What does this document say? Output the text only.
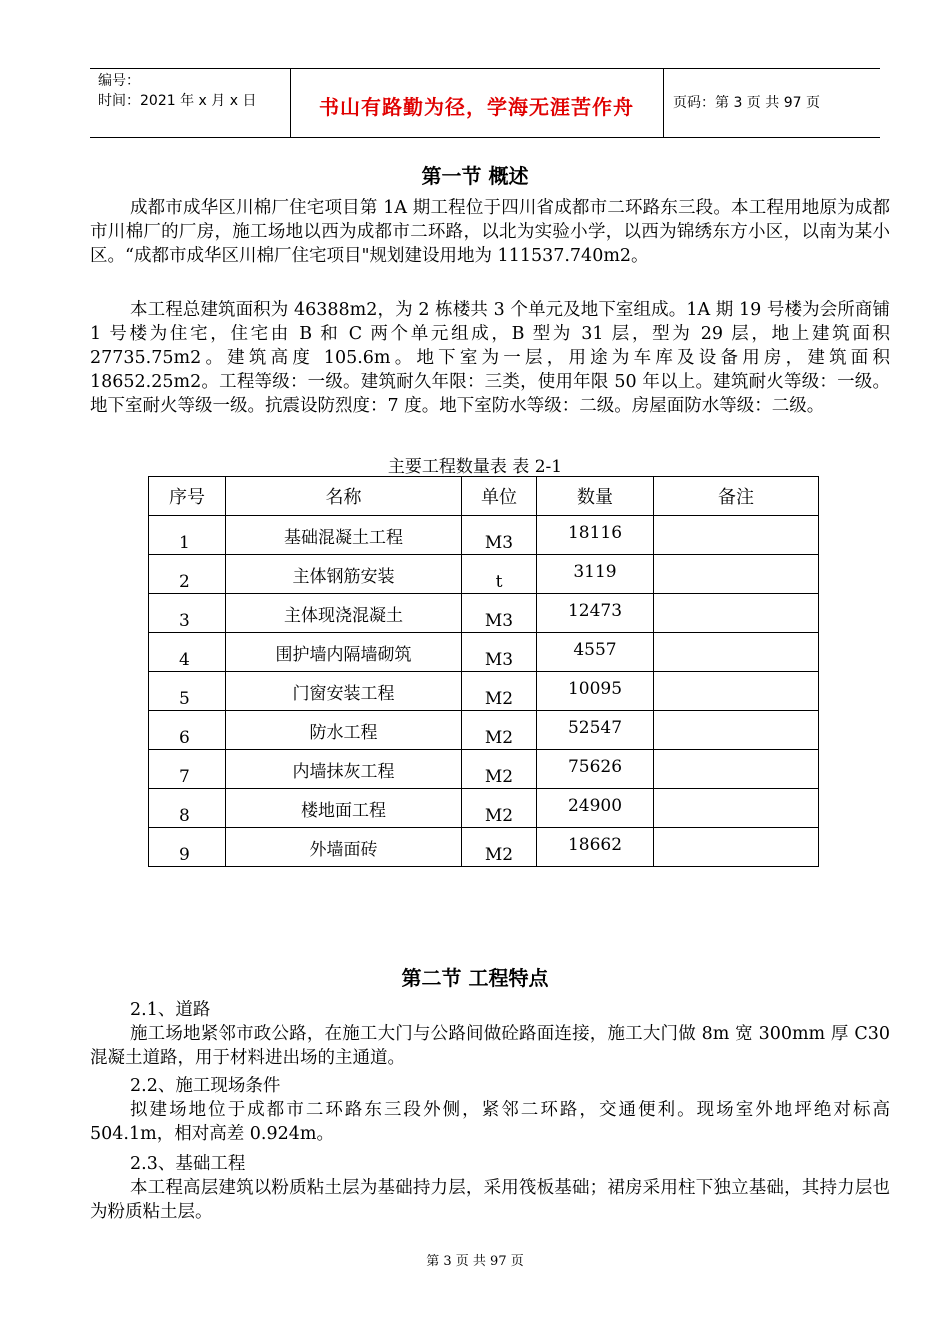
编号：
时间：2021 年 x 月 x 日	书山有路勤为径，学海无涯苦作舟	页码：第 3 页 共 97 页
第一节 概述

成都市成华区川棉厂住宅项目第 1A 期工程位于四川省成都市二环路东三段。本工程用地原为成都市川棉厂的厂房，施工场地以西为成都市二环路，以北为实验小学，以西为锦绣东方小区，以南为某小区。“成都市成华区川棉厂住宅项目"规划建设用地为 111537.740m2。

本工程总建筑面积为 46388m2，为 2 栋楼共 3 个单元及地下室组成。1A 期 19 号楼为会所商铺 1 号楼为住宅，住宅由 B 和 C 两个单元组成，B 型为 31 层，型为 29 层，地上建筑面积 27735.75m2。建筑高度 105.6m。地下室为一层，用途为车库及设备用房，建筑面积 18652.25m2。工程等级：一级。建筑耐久年限：三类，使用年限 50 年以上。建筑耐火等级：一级。地下室耐火等级一级。抗震设防烈度：7 度。地下室防水等级：二级。房屋面防水等级：二级。

主要工程数量表 表 2-1
序号	名称	单位	数量	备注
1	基础混凝土工程	M3	18116	
2	主体钢筋安装	t	3119	
3	主体现浇混凝土	M3	12473	
4	围护墙内隔墙砌筑	M3	4557	
5	门窗安装工程	M2	10095	
6	防水工程	M2	52547	
7	内墙抹灰工程	M2	75626	
8	楼地面工程	M2	24900	
9	外墙面砖	M2	18662	
第二节 工程特点

2.1、道路

施工场地紧邻市政公路，在施工大门与公路间做砼路面连接，施工大门做 8m 宽 300mm 厚 C30 混凝土道路，用于材料进出场的主通道。

2.2、施工现场条件

拟建场地位于成都市二环路东三段外侧，紧邻二环路，交通便利。现场室外地坪绝对标高 504.1m，相对高差 0.924m。

2.3、基础工程

本工程高层建筑以粉质粘土层为基础持力层，采用筏板基础；裙房采用柱下独立基础，其持力层也为粉质粘土层。

第 3 页 共 97 页
